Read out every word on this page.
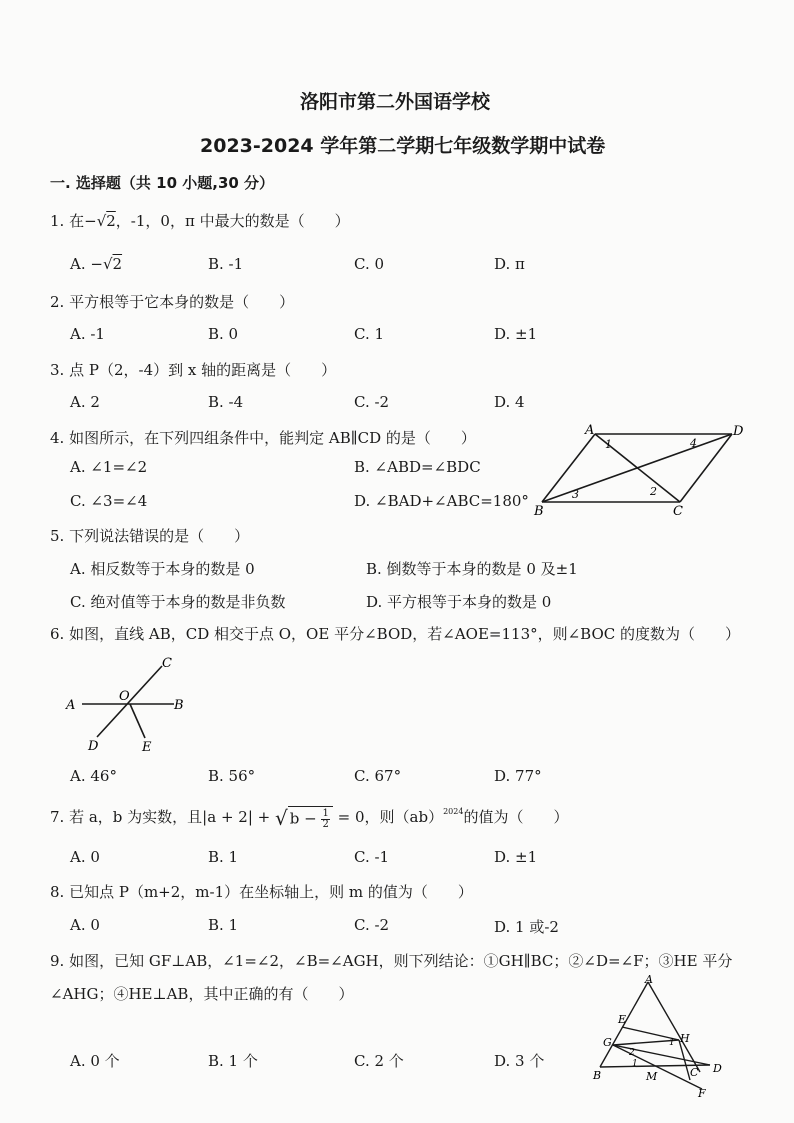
洛阳市第二外国语学校
2023-2024 学年第二学期七年级数学期中试卷
一. 选择题（共 10 小题,30 分）
1. 在−√2，-1，0，π 中最大的数是（　　）
A. −√2	B. -1	C. 0	D. π
2. 平方根等于它本身的数是（　　）
A. -1	B. 0	C. 1	D. ±1
3. 点 P（2，-4）到 x 轴的距离是（　　）
A. 2	B. -4	C. -2	D. 4
4. 如图所示，在下列四组条件中，能判定 AB∥CD 的是（　　）
A. ∠1=∠2	B. ∠ABD=∠BDC
C. ∠3=∠4	D. ∠BAD+∠ABC=180°
A	D
B	C
1
2
3
4
5. 下列说法错误的是（　　）
A. 相反数等于本身的数是 0	B. 倒数等于本身的数是 0 及±1
C. 绝对值等于本身的数是非负数	D. 平方根等于本身的数是 0
6. 如图，直线 AB，CD 相交于点 O，OE 平分∠BOD，若∠AOE=113°，则∠BOC 的度数为（　　）
C
O
A	B
D	E
A. 46°	B. 56°	C. 67°	D. 77°
7. 若 a，b 为实数，且|a + 2| + √ $b - \frac{1}{2} = 0$，则（ab）$^{2024}$的值为（　　）
A. 0	B. 1	C. -1	D. ±1
8. 已知点 P（m+2，m-1）在坐标轴上，则 m 的值为（　　）
A. 0	B. 1	C. -2	D. 1 或-2
9. 如图，已知 GF⊥AB，∠1=∠2，∠B=∠AGH，则下列结论：①GH∥BC；②∠D=∠F；③HE 平分
∠AHG；④HE⊥AB，其中正确的有（　　）
A. 0 个	B. 1 个	C. 2 个	D. 3 个
A
E
H
G	1
2
1
B	M	C D
F
